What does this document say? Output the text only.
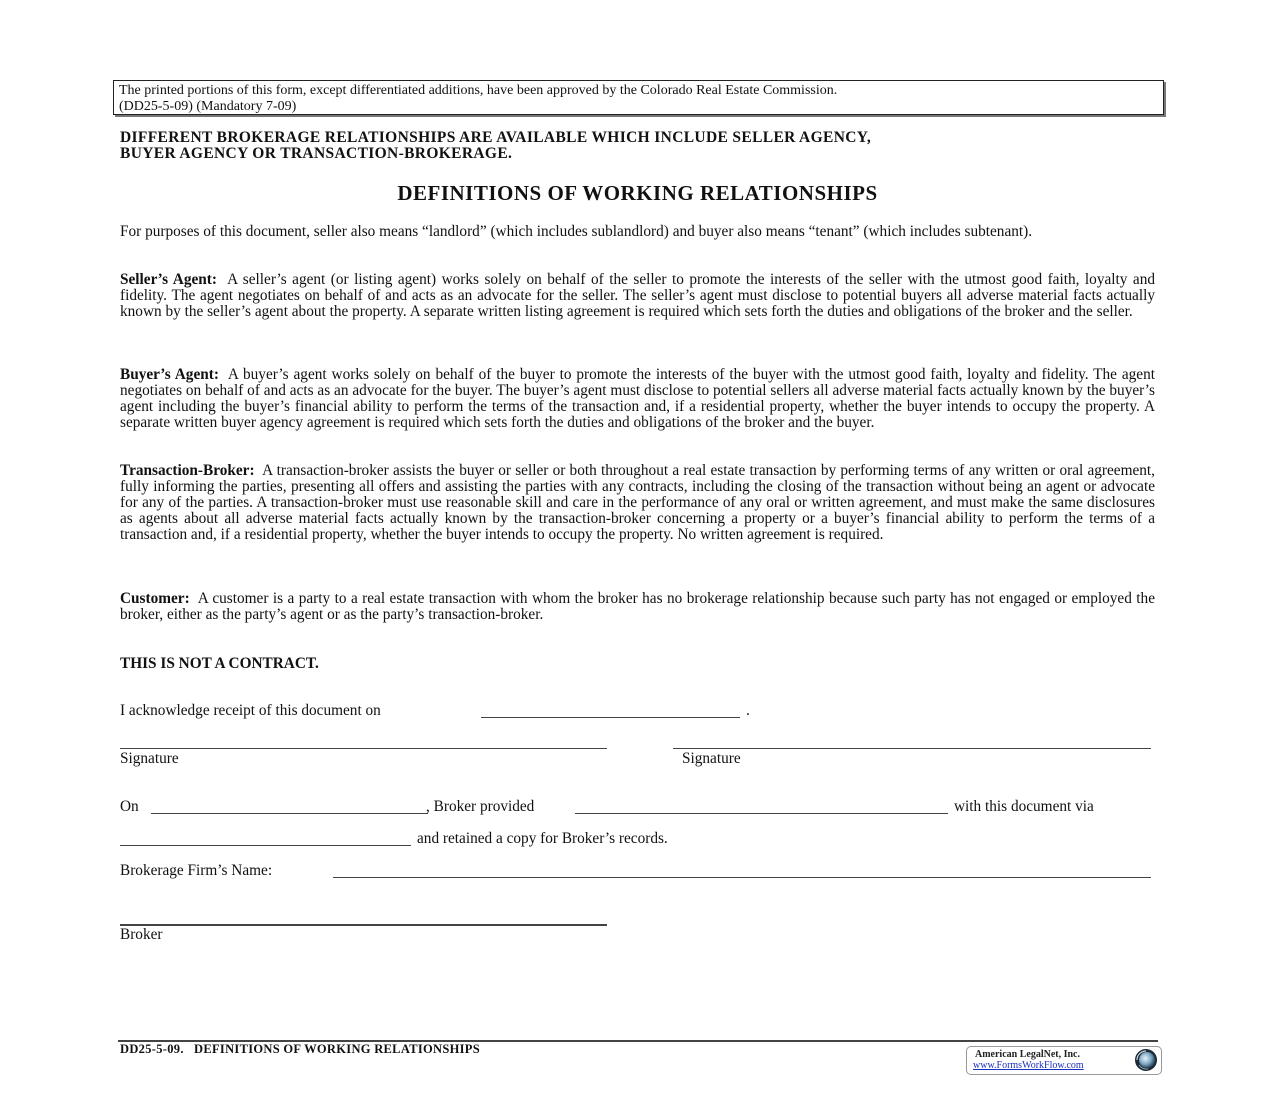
The printed portions of this form, except differentiated additions, have been approved by the Colorado Real Estate Commission.
(DD25-5-09) (Mandatory 7-09)
DIFFERENT BROKERAGE RELATIONSHIPS ARE AVAILABLE WHICH INCLUDE SELLER AGENCY,
BUYER AGENCY OR TRANSACTION-BROKERAGE.
DEFINITIONS OF WORKING RELATIONSHIPS
For purposes of this document, seller also means “landlord” (which includes sublandlord) and buyer also means “tenant” (which includes subtenant).
Seller’s Agent: A seller’s agent (or listing agent) works solely on behalf of the seller to promote the interests of the seller with the utmost good faith, loyalty and fidelity. The agent negotiates on behalf of and acts as an advocate for the seller. The seller’s agent must disclose to potential buyers all adverse material facts actually known by the seller’s agent about the property. A separate written listing agreement is required which sets forth the duties and obligations of the broker and the seller.
Buyer’s Agent: A buyer’s agent works solely on behalf of the buyer to promote the interests of the buyer with the utmost good faith, loyalty and fidelity. The agent negotiates on behalf of and acts as an advocate for the buyer. The buyer’s agent must disclose to potential sellers all adverse material facts actually known by the buyer’s agent including the buyer’s financial ability to perform the terms of the transaction and, if a residential property, whether the buyer intends to occupy the property. A separate written buyer agency agreement is required which sets forth the duties and obligations of the broker and the buyer.
Transaction-Broker: A transaction-broker assists the buyer or seller or both throughout a real estate transaction by performing terms of any written or oral agreement, fully informing the parties, presenting all offers and assisting the parties with any contracts, including the closing of the transaction without being an agent or advocate for any of the parties. A transaction-broker must use reasonable skill and care in the performance of any oral or written agreement, and must make the same disclosures as agents about all adverse material facts actually known by the transaction-broker concerning a property or a buyer’s financial ability to perform the terms of a transaction and, if a residential property, whether the buyer intends to occupy the property. No written agreement is required.
Customer: A customer is a party to a real estate transaction with whom the broker has no brokerage relationship because such party has not engaged or employed the broker, either as the party’s agent or as the party’s transaction-broker.
THIS IS NOT A CONTRACT.
I acknowledge receipt of this document on	.
Signature	Signature
On	, Broker provided	with this document via
and retained a copy for Broker’s records.
Brokerage Firm’s Name:
Broker
DD25-5-09.   DEFINITIONS OF WORKING RELATIONSHIPS	American LegalNet, Inc.
www.FormsWorkFlow.com
